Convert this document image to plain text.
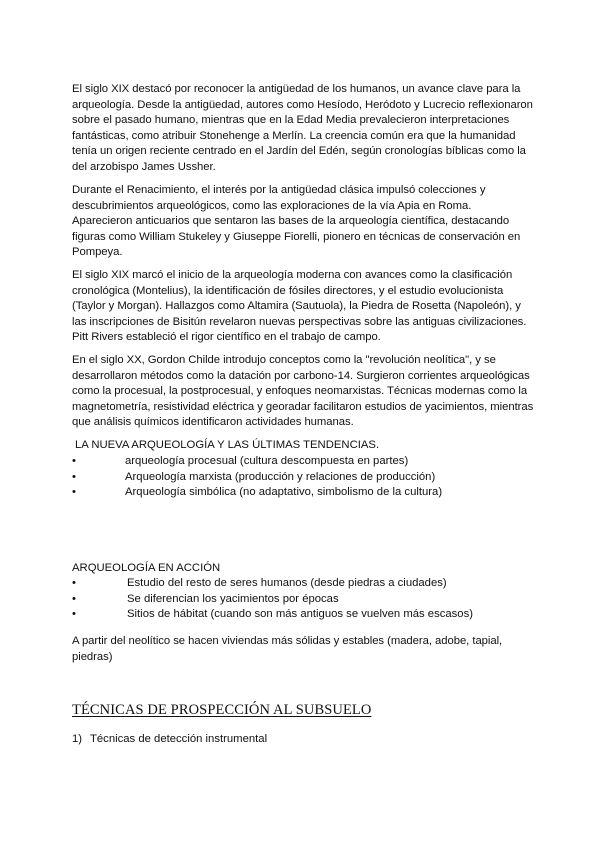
El siglo XIX destacó por reconocer la antigüedad de los humanos, un avance clave para la arqueología. Desde la antigüedad, autores como Hesíodo, Heródoto y Lucrecio reflexionaron sobre el pasado humano, mientras que en la Edad Media prevalecieron interpretaciones fantásticas, como atribuir Stonehenge a Merlín. La creencia común era que la humanidad tenía un origen reciente centrado en el Jardín del Edén, según cronologías bíblicas como la del arzobispo James Ussher.

Durante el Renacimiento, el interés por la antigüedad clásica impulsó colecciones y descubrimientos arqueológicos, como las exploraciones de la vía Apia en Roma. Aparecieron anticuarios que sentaron las bases de la arqueología científica, destacando figuras como William Stukeley y Giuseppe Fiorelli, pionero en técnicas de conservación en Pompeya.

El siglo XIX marcó el inicio de la arqueología moderna con avances como la clasificación cronológica (Montelius), la identificación de fósiles directores, y el estudio evolucionista (Taylor y Morgan). Hallazgos como Altamira (Sautuola), la Piedra de Rosetta (Napoleón), y las inscripciones de Bisitún revelaron nuevas perspectivas sobre las antiguas civilizaciones. Pitt Rivers estableció el rigor científico en el trabajo de campo.

En el siglo XX, Gordon Childe introdujo conceptos como la "revolución neolítica", y se desarrollaron métodos como la datación por carbono-14. Surgieron corrientes arqueológicas como la procesual, la postprocesual, y enfoques neomarxistas. Técnicas modernas como la magnetometría, resistividad eléctrica y georadar facilitaron estudios de yacimientos, mientras que análisis químicos identificaron actividades humanas.

LA NUEVA ARQUEOLOGÍA Y LAS ÚLTIMAS TENDENCIAS.

•	arqueología procesual (cultura descompuesta en partes)
•	Arqueología marxista (producción y relaciones de producción)
•	Arqueología simbólica (no adaptativo, simbolismo de la cultura)

ARQUEOLOGÍA EN ACCIÓN

•	Estudio del resto de seres humanos (desde piedras a ciudades)
•	Se diferencian los yacimientos por épocas
•	Sitios de hábitat (cuando son más antiguos se vuelven más escasos)

A partir del neolítico se hacen viviendas más sólidas y estables (madera, adobe, tapial, piedras)

TÉCNICAS DE PROSPECCIÓN AL SUBSUELO

1) Técnicas de detección instrumental
